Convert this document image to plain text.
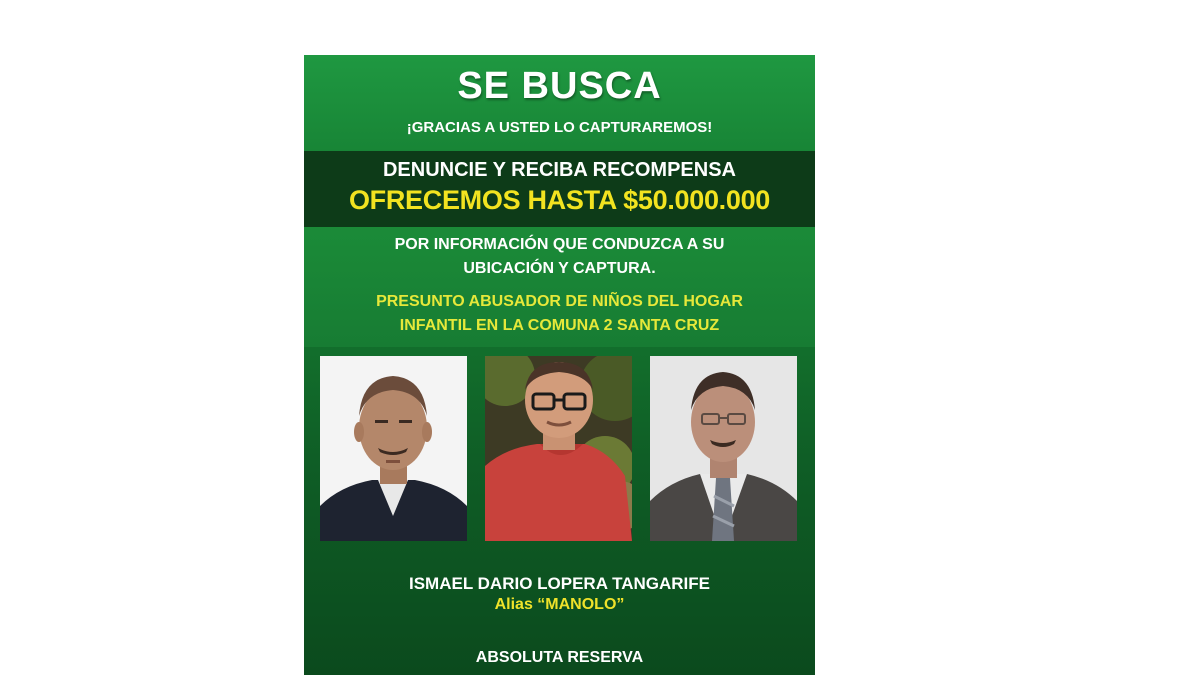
SE BUSCA

¡GRACIAS A USTED LO CAPTURAREMOS!

DENUNCIE Y RECIBA RECOMPENSA

OFRECEMOS HASTA $50.000.000

POR INFORMACIÓN QUE CONDUZCA A SU

UBICACIÓN Y CAPTURA.

PRESUNTO ABUSADOR DE NIÑOS DEL HOGAR

INFANTIL EN LA COMUNA 2 SANTA CRUZ

ISMAEL DARIO LOPERA TANGARIFE

Alias “MANOLO”

ABSOLUTA RESERVA
